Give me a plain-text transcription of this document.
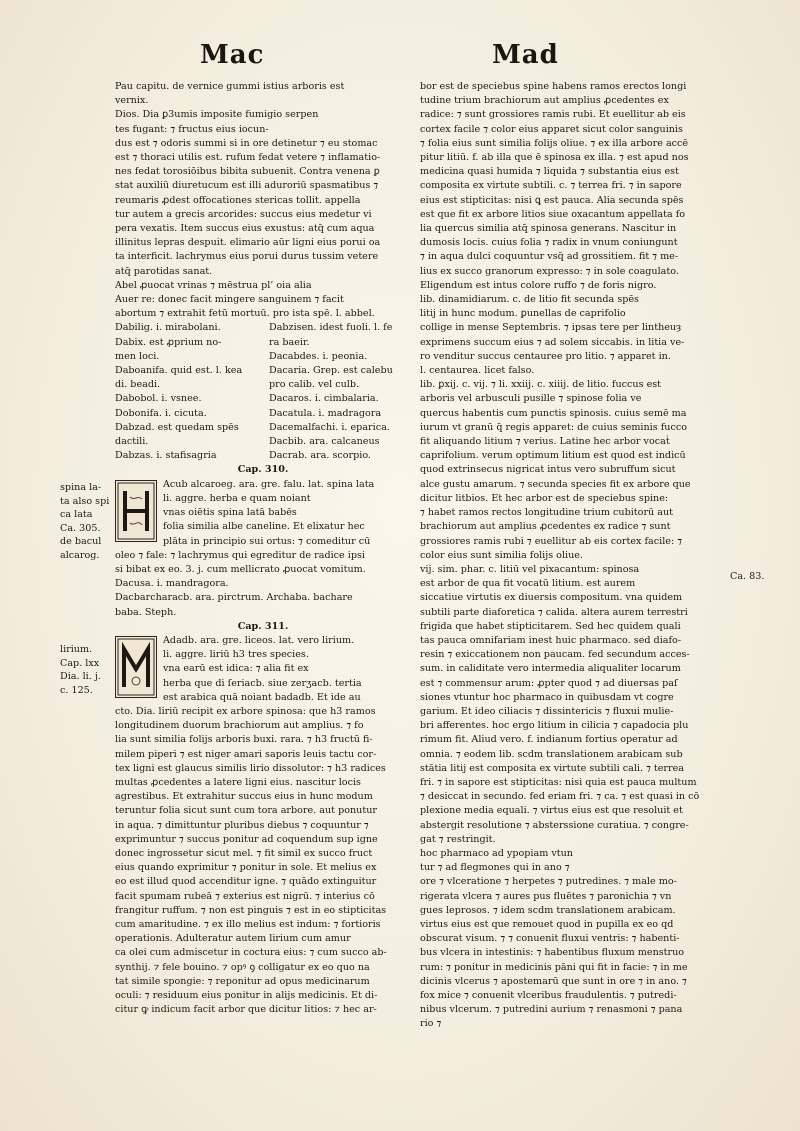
Mac	Mad
Pau capitu. de vernice gummi istius arboris est
vernix.
Dios. Dia ꝑ3umis imposite fumigio serpen
tes fugant: ⁊ fructus eius iocun-
dus est ⁊ odoris summi si in ore detinetur ⁊ eu stomac
est ⁊ thoraci utilis est. rufum fedat vetere ⁊ inflamatio-
nes fedat torosiōibus bibita subuenit. Contra venena ꝑ
stat auxiliū diuretucum est illi aduroriū spasmatibus ⁊
reumaris ꝓdest offocationes stericas tollit. appella
tur autem a grecis arcorides: succus eius medetur vi
pera vexatis. Item succus eius exustus: atq̄ cum aqua
illinitus lepras despuit. elimario aūr ligni eius porui oa
ta interficit. lachrymus eius porui durus tussim vetere
atq̄ parotidas sanat.
Abel ꝓuocat vrinas ⁊ mēstrua pl’ oia alia
Auer re: donec facit mingere sanguinem ⁊ facit
abortum ⁊ extrahit fetū mortuū. pro ista spē. l. abbel.
Dabilig. i. mirabolani.	Dabzisen. idest fuoli. l. fe
Dabix. est ꝓprium no-	ra baeir.
men loci.	Dacabdes. i. peonia.
Daboanifa. quid est. l. kea	Dacaria. Grep. est calebu
di. beadi.	pro calib. vel culb.
Dabobol. i. vsnee.	Dacaros. i. cimbalaria.
Dobonifa. i. cicuta.	Dacatula. i. madragora
Dabzad. est quedam spēs	Dacemalfachi. i. eparica.
dactili.	Dacbib. ara. calcaneus
Dabzas. i. stafisagria	Dacrab. ara. scorpio.
Cap. 310.
Acub alcaroeg. ara. gre. falu. lat. spina lata
li. aggre. herba e quam noiant
vnas oiētis spina latā babēs
folia similia albe caneline. Et elixatur hec
plāta in principio sui ortus: ⁊ comeditur cū
oleo ⁊ fale: ⁊ lachrymus qui egreditur de radice ipsi
si bibat ex eo. 3. j. cum mellicrato ꝓuocat vomitum.
Dacusa. i. mandragora.
Dacbarcharacb. ara. pirctrum. Archaba. bachare
baba. Steph.
Cap. 311.
Adadb. ara. gre. liceos. lat. vero lirium.
li. aggre. liriū h3 tres species.
vna earū est idica: ⁊ alia fit ex
herba que di ſeriacb. siue zerʒacb. tertia
est arabica quā noiant badadb. Et ide au
cto. Dia. liriū recipit ex arbore spinosa: que h3 ramos
longitudinem duorum brachiorum aut amplius. ⁊ fo
lia sunt similia folijs arboris buxi. rara. ⁊ h3 fructū fi-
milem piperi ⁊ est niger amari saporis leuis tactu cor-
tex ligni est glaucus similis lirio dissolutor: ⁊ h3 radices
multas ꝓcedentes a latere ligni eius. nascitur locis
agrestibus. Et extrahitur succus eius in hunc modum
teruntur folia sicut sunt cum tora arbore. aut ponutur
in aqua. ⁊ dimittuntur pluribus diebus ⁊ coquuntur ⁊
exprimuntur ⁊ succus ponitur ad coquendum sup igne
donec ingrossetur sicut mel. ⁊ fit simil ex succo fruct
eius quando exprimitur ⁊ ponitur in sole. Et melius ex
eo est illud quod accenditur igne. ⁊ quādo extinguitur
facit spumam rubeā ⁊ exterius est nigrū. ⁊ interius cō
frangitur ruffum. ⁊ non est pinguis ⁊ est in eo stipticitas
cum amaritudine. ⁊ ex illo melius est indum: ⁊ fortioris
operationis. Adulteratur autem lirium cum amur
ca olei cum admiscetur in coctura eius: ⁊ cum succo ab-
synthij. ⁊ fele bouino. ⁊ opꝰ ꝯ colligatur ex eo quo na
tat simile spongie: ⁊ reponitur ad opus medicinarum
oculi: ⁊ residuum eius ponitur in alijs medicinis. Et di-
citur ꝙ indicum facit arbor que dicitur litios: ⁊ hec ar-
bor est de speciebus spine habens ramos erectos longi
tudine trium brachiorum aut amplius ꝓcedentes ex
radice: ⁊ sunt grossiores ramis rubi. Et euellitur ab eis
cortex facile ⁊ color eius apparet sicut color sanguinis
⁊ folia eius sunt similia folijs oliue. ⁊ ex illa arbore accē
pitur litiū. f. ab illa que ē spinosa ex illa. ⁊ est apud nos
medicina quasi humida ⁊ liquida ⁊ substantia eius est
composita ex virtute subtili. c. ⁊ terrea fri. ⁊ in sapore
eius est stipticitas: nisi ꝗ est pauca. Alia secunda spēs
est que fit ex arbore litios siue oxacantum appellata fo
lia quercus similia atq̄ spinosa generans. Nascitur in
dumosis locis. cuius folia ⁊ radix in vnum coniungunt
⁊ in aqua dulci coquuntur vsq̄ ad grossitiem. fit ⁊ me-
lius ex succo granorum expresso: ⁊ in sole coagulato.
Eligendum est intus colore ruffo ⁊ de foris nigro.
lib. dinamidiarum. c. de litio fit secunda spēs
litij in hunc modum. ꝑunellas de caprifolio
collige in mense Septembris. ⁊ ipsas tere per lintheuȝ
exprimens succum eius ⁊ ad solem siccabis. in litia ve-
ro venditur succus centauree pro litio. ⁊ apparet in.
l. centaurea. licet falso.
lib. ꝑxij. c. vij. ⁊ li. xxiij. c. xiiij. de litio. fuccus est
arboris vel arbusculi pusille ⁊ spinose folia ve
quercus habentis cum punctis spinosis. cuius semē ma
iurum vt granū q̄ regis apparet: de cuius seminis fucco
fit aliquando litium ⁊ verius. Latine hec arbor vocaṫ
caprifolium. verum optimum litium est quod est indicū
quod extrinsecus nigricat intus vero subruffum sicut
alce gustu amarum. ⁊ secunda species fit ex arbore que
dicitur litbios. Et hec arbor est de speciebus spine:
⁊ habet ramos rectos longitudine trium cubitorū aut
brachiorum aut amplius ꝓcedentes ex radice ⁊ sunt
grossiores ramis rubi ⁊ euellitur ab eis cortex facile: ⁊
color eius sunt similia folijs oliue.
vij. sim. phar. c. litiū vel pixacantum: spinosa
est arbor de qua fit vocatū litium. est aurem
siccatiue virtutis ex diuersis compositum. vna quidem
subtili parte diaforetica ⁊ calida. altera aurem terrestri
frigida que habet stipticitarem. Sed hec quidem quali
tas pauca omnifariam inest huic pharmaco. sed diafo-
resin ⁊ exiccationem non paucam. fed secundum acces-
sum. in caliditate vero intermedia aliqualiter locarum
est ⁊ commensur arum: ꝓpter quod ⁊ ad diuersas paſ
siones vtuntur hoc pharmaco in quibusdam vt cogre
garium. Et ideo ciliacis ⁊ dissintericis ⁊ fluxui mulie-
bri afferentes. hoc ergo litium in cilicia ⁊ capadocia plu
rimum fit. Aliud vero. f. indianum fortius operatur ad
omnia. ⁊ eodem lib. scdm translationem arabicam sub
stātia litij est composita ex virtute subtili cali. ⁊ terrea
fri. ⁊ in sapore est stipticitas: nisi quia est pauca multum
⁊ desiccat in secundo. fed eriam fri. ⁊ ca. ⁊ est quasi in cō
plexione media equali. ⁊ virtus eius est que resoluit et
abstergit resolutione ⁊ absterssione curatiua. ⁊ congre-
gat ⁊ restringit.
hoc pharmaco ad ypopiam vtun
tur ⁊ ad flegmones qui in ano ⁊
ore ⁊ vlceratione ⁊ herpetes ⁊ putredines. ⁊ male mo-
rigerata vlcera ⁊ aures pus fluētes ⁊ paronichia ⁊ vn
gues leprosos. ⁊ idem scdm translationem arabicam.
virtus eius est que remouet quod in pupilla ex eo qd
obscurat visum. ⁊ ⁊ conuenit fluxui ventris: ⁊ habenti-
bus vlcera in intestinis: ⁊ habentibus fluxum menstruo
rum: ⁊ ponitur in medicinis pāni qui fit in facie: ⁊ in me
dicinis vlcerus ⁊ apostemarū que sunt in ore ⁊ in ano. ⁊
fox mice ⁊ conuenit vlceribus fraudulentis. ⁊ putredi-
nibus vlcerum. ⁊ putredini aurium ⁊ renasmoni ⁊ pana
rio ⁊
spina la-
ta also spi
ca lata
Ca. 305.
de bacul
alcarog.
lirium.
Cap. lxx
Dia. li. j.
c. 125.
Ca. 83.
